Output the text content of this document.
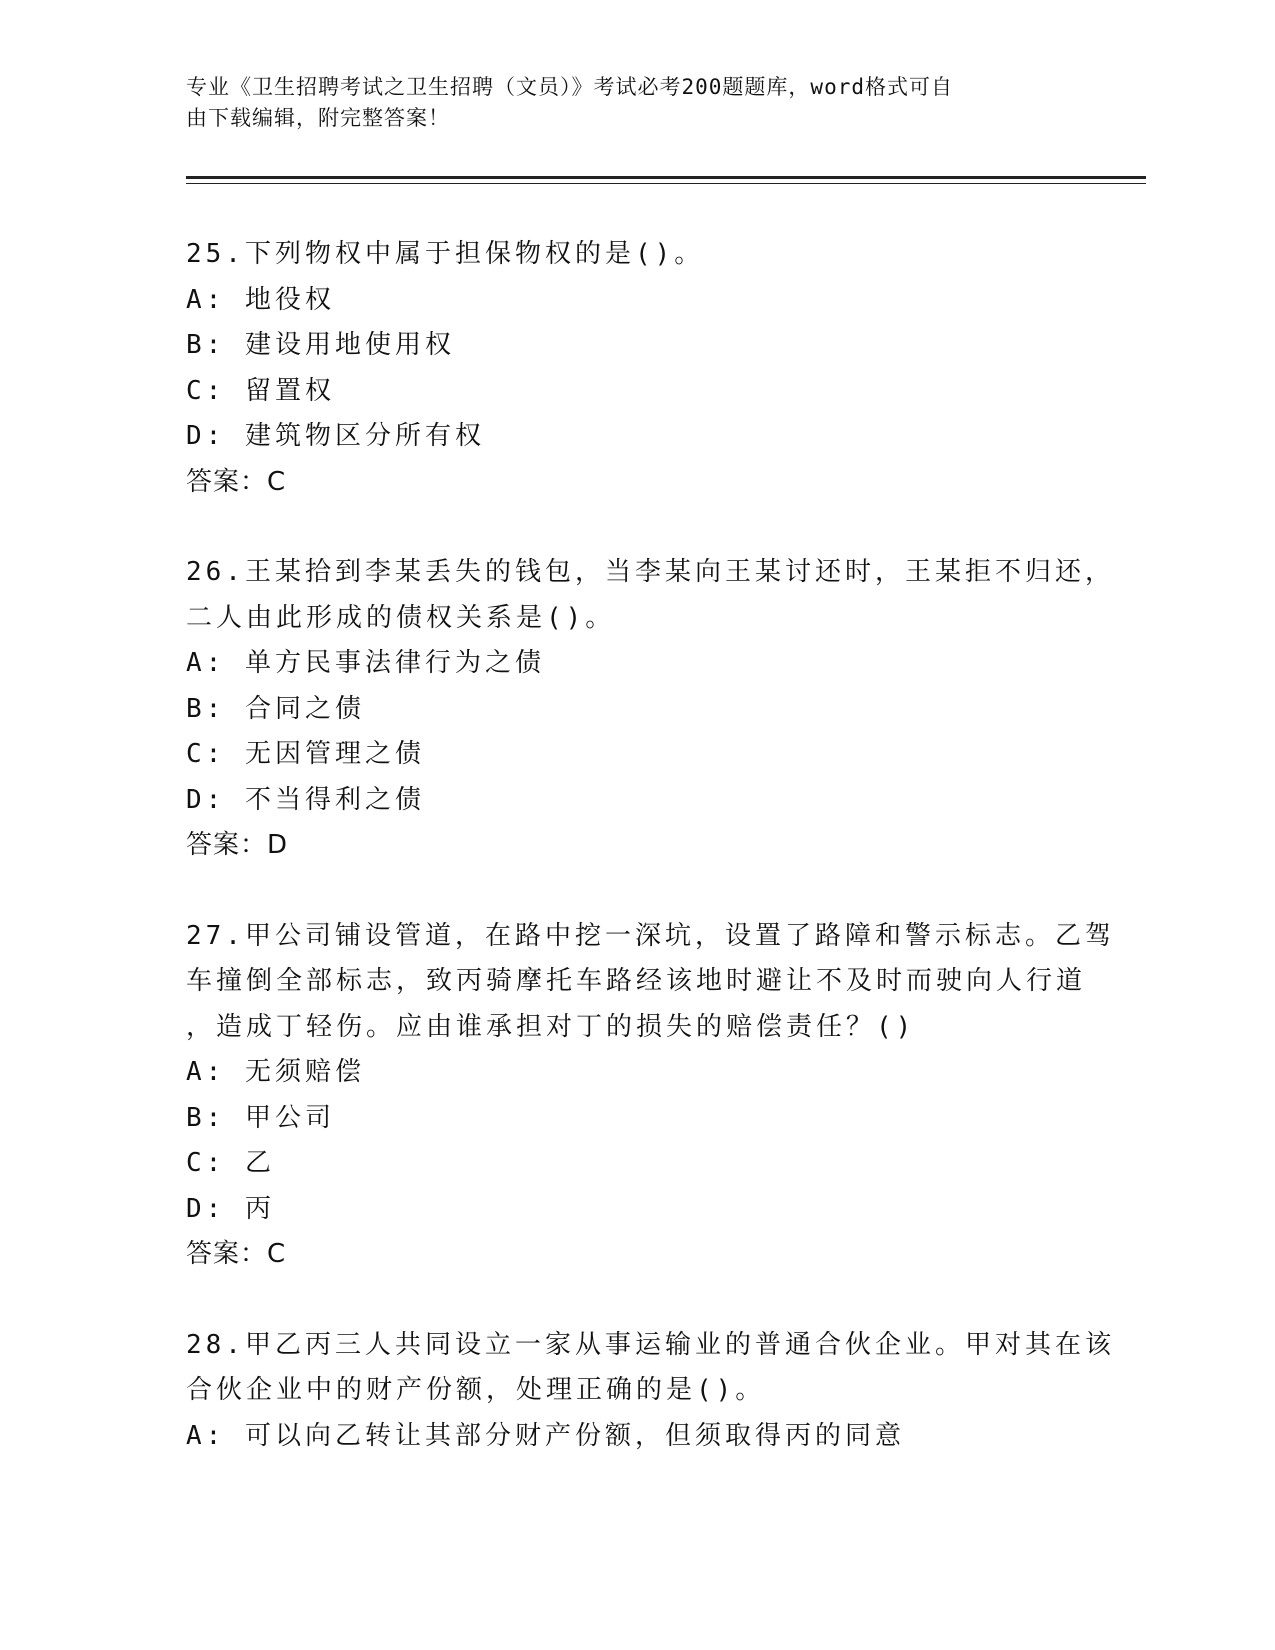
专业《卫生招聘考试之卫生招聘（文员）》考试必考200题题库，word格式可自
由下载编辑，附完整答案！
25.下列物权中属于担保物权的是()。
A: 地役权
B: 建设用地使用权
C: 留置权
D: 建筑物区分所有权
答案：C
26.王某拾到李某丢失的钱包，当李某向王某讨还时，王某拒不归还，
二人由此形成的债权关系是()。
A: 单方民事法律行为之债
B: 合同之债
C: 无因管理之债
D: 不当得利之债
答案：D
27.甲公司铺设管道，在路中挖一深坑，设置了路障和警示标志。乙驾
车撞倒全部标志，致丙骑摩托车路经该地时避让不及时而驶向人行道
，造成丁轻伤。应由谁承担对丁的损失的赔偿责任？()
A: 无须赔偿
B: 甲公司
C: 乙
D: 丙
答案：C
28.甲乙丙三人共同设立一家从事运输业的普通合伙企业。甲对其在该
合伙企业中的财产份额，处理正确的是()。
A: 可以向乙转让其部分财产份额，但须取得丙的同意
